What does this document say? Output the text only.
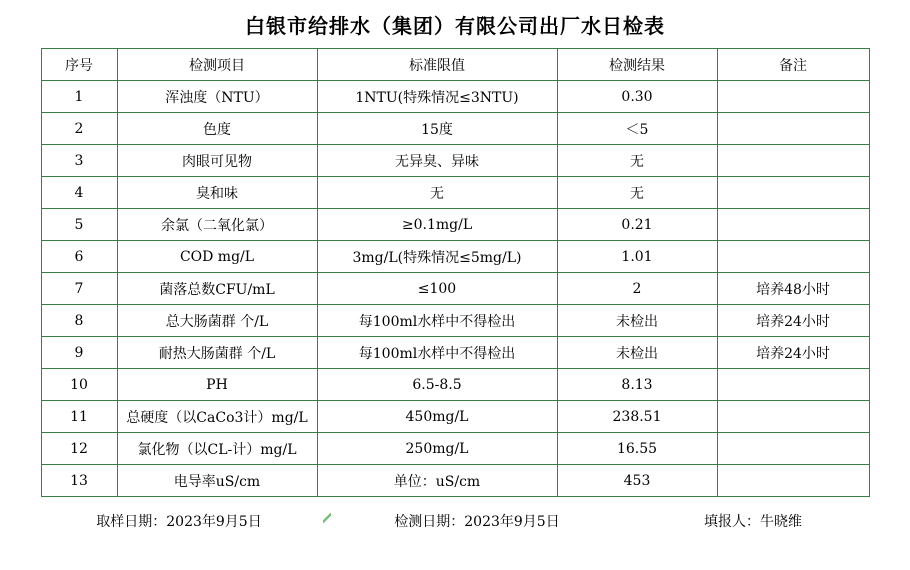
白银市给排水（集团）有限公司出厂水日检表
序号	检测项目	标准限值	检测结果	备注
1	浑浊度（NTU）	1NTU(特殊情况≤3NTU)	0.30	
2	色度	15度	＜5	
3	肉眼可见物	无异臭、异味	无	
4	臭和味	无	无	
5	余氯（二氧化氯）	≥0.1mg/L	0.21	
6	COD mg/L	3mg/L(特殊情况≤5mg/L)	1.01	
7	菌落总数CFU/mL	≤100	2	培养48小时
8	总大肠菌群 个/L	每100ml水样中不得检出	未检出	培养24小时
9	耐热大肠菌群 个/L	每100ml水样中不得检出	未检出	培养24小时
10	PH	6.5-8.5	8.13	
11	总硬度（以CaCo3计）mg/L	450mg/L	238.51	
12	氯化物（以CL-计）mg/L	250mg/L	16.55	
13	电导率uS/cm	单位：uS/cm	453	
取样日期：2023年9月5日	检测日期：2023年9月5日	填报人：牛晓维
